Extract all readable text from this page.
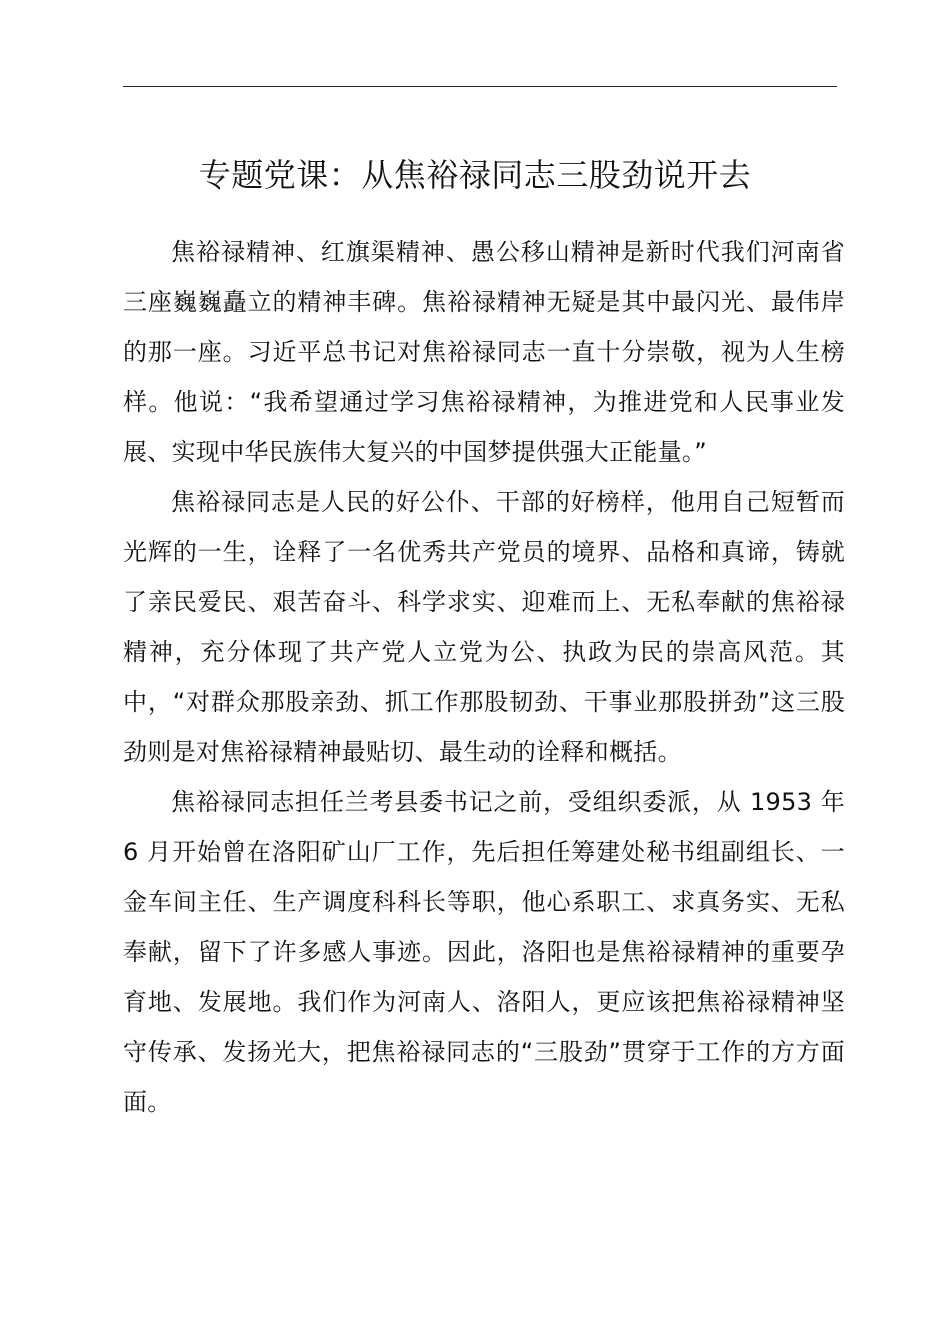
专题党课：从焦裕禄同志三股劲说开去

焦裕禄精神、红旗渠精神、愚公移山精神是新时代我们河南省三座巍巍矗立的精神丰碑。焦裕禄精神无疑是其中最闪光、最伟岸的那一座。习近平总书记对焦裕禄同志一直十分崇敬，视为人生榜样。他说：“我希望通过学习焦裕禄精神，为推进党和人民事业发展、实现中华民族伟大复兴的中国梦提供强大正能量。”

焦裕禄同志是人民的好公仆、干部的好榜样，他用自己短暂而光辉的一生，诠释了一名优秀共产党员的境界、品格和真谛，铸就了亲民爱民、艰苦奋斗、科学求实、迎难而上、无私奉献的焦裕禄精神，充分体现了共产党人立党为公、执政为民的崇高风范。其中，“对群众那股亲劲、抓工作那股韧劲、干事业那股拼劲”这三股劲则是对焦裕禄精神最贴切、最生动的诠释和概括。

焦裕禄同志担任兰考县委书记之前，受组织委派，从 1953 年 6 月开始曾在洛阳矿山厂工作，先后担任筹建处秘书组副组长、一金车间主任、生产调度科科长等职，他心系职工、求真务实、无私奉献，留下了许多感人事迹。因此，洛阳也是焦裕禄精神的重要孕育地、发展地。我们作为河南人、洛阳人，更应该把焦裕禄精神坚守传承、发扬光大，把焦裕禄同志的“三股劲”贯穿于工作的方方面面。
